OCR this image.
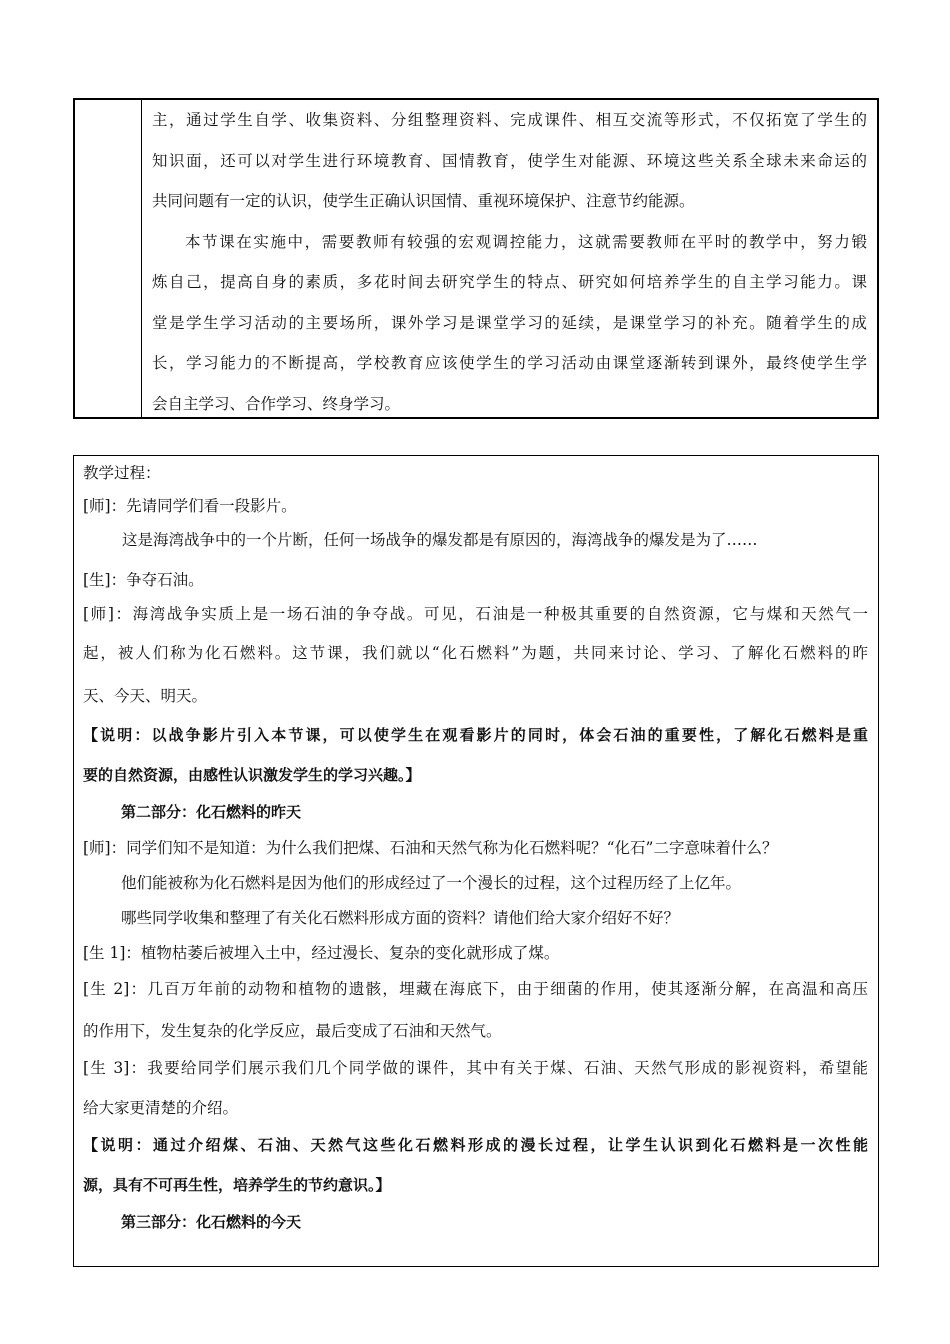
主，通过学生自学、收集资料、分组整理资料、完成课件、相互交流等形式，不仅拓宽了学生的
知识面，还可以对学生进行环境教育、国情教育，使学生对能源、环境这些关系全球未来命运的
共同问题有一定的认识，使学生正确认识国情、重视环境保护、注意节约能源。
本节课在实施中，需要教师有较强的宏观调控能力，这就需要教师在平时的教学中，努力锻
炼自己，提高自身的素质，多花时间去研究学生的特点、研究如何培养学生的自主学习能力。课
堂是学生学习活动的主要场所，课外学习是课堂学习的延续，是课堂学习的补充。随着学生的成
长，学习能力的不断提高，学校教育应该使学生的学习活动由课堂逐渐转到课外，最终使学生学
会自主学习、合作学习、终身学习。
教学过程：
[师]：先请同学们看一段影片。
这是海湾战争中的一个片断，任何一场战争的爆发都是有原因的，海湾战争的爆发是为了……
[生]：争夺石油。
[师]：海湾战争实质上是一场石油的争夺战。可见，石油是一种极其重要的自然资源，它与煤和天然气一
起，被人们称为化石燃料。这节课，我们就以“化石燃料”为题，共同来讨论、学习、了解化石燃料的昨
天、今天、明天。
【说明：以战争影片引入本节课，可以使学生在观看影片的同时，体会石油的重要性，了解化石燃料是重
要的自然资源，由感性认识激发学生的学习兴趣。】
第二部分：化石燃料的昨天
[师]：同学们知不是知道：为什么我们把煤、石油和天然气称为化石燃料呢？“化石”二字意味着什么？
他们能被称为化石燃料是因为他们的形成经过了一个漫长的过程，这个过程历经了上亿年。
哪些同学收集和整理了有关化石燃料形成方面的资料？请他们给大家介绍好不好？
[生 1]：植物枯萎后被埋入土中，经过漫长、复杂的变化就形成了煤。
[生 2]：几百万年前的动物和植物的遗骸，埋藏在海底下，由于细菌的作用，使其逐渐分解，在高温和高压
的作用下，发生复杂的化学反应，最后变成了石油和天然气。
[生 3]：我要给同学们展示我们几个同学做的课件，其中有关于煤、石油、天然气形成的影视资料，希望能
给大家更清楚的介绍。
【说明：通过介绍煤、石油、天然气这些化石燃料形成的漫长过程，让学生认识到化石燃料是一次性能
源，具有不可再生性，培养学生的节约意识。】
第三部分：化石燃料的今天
